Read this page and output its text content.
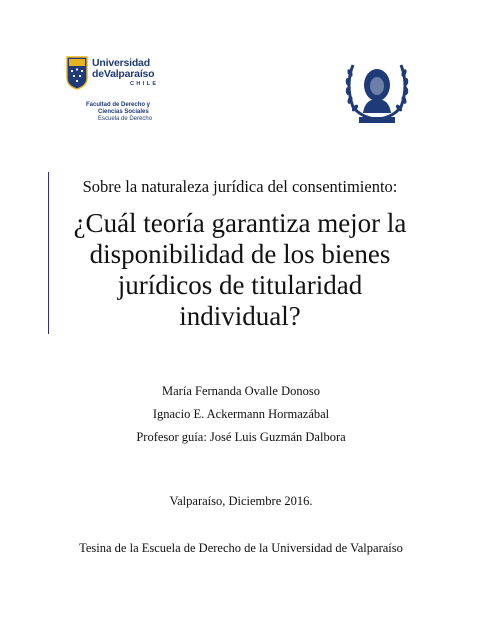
Universidad
deValparaíso
CHILE
Facultad de Derecho y
Ciencias Sociales
Escuela de Derecho

Sobre la naturaleza jurídica del consentimiento:

¿Cuál teoría garantiza mejor la
disponibilidad de los bienes
jurídicos de titularidad
individual?
María Fernanda Ovalle Donoso
Ignacio E. Ackermann Hormazábal
Profesor guía: José Luis Guzmán Dalbora
Valparaíso, Diciembre 2016.
Tesina de la Escuela de Derecho de la Universidad de Valparaíso
